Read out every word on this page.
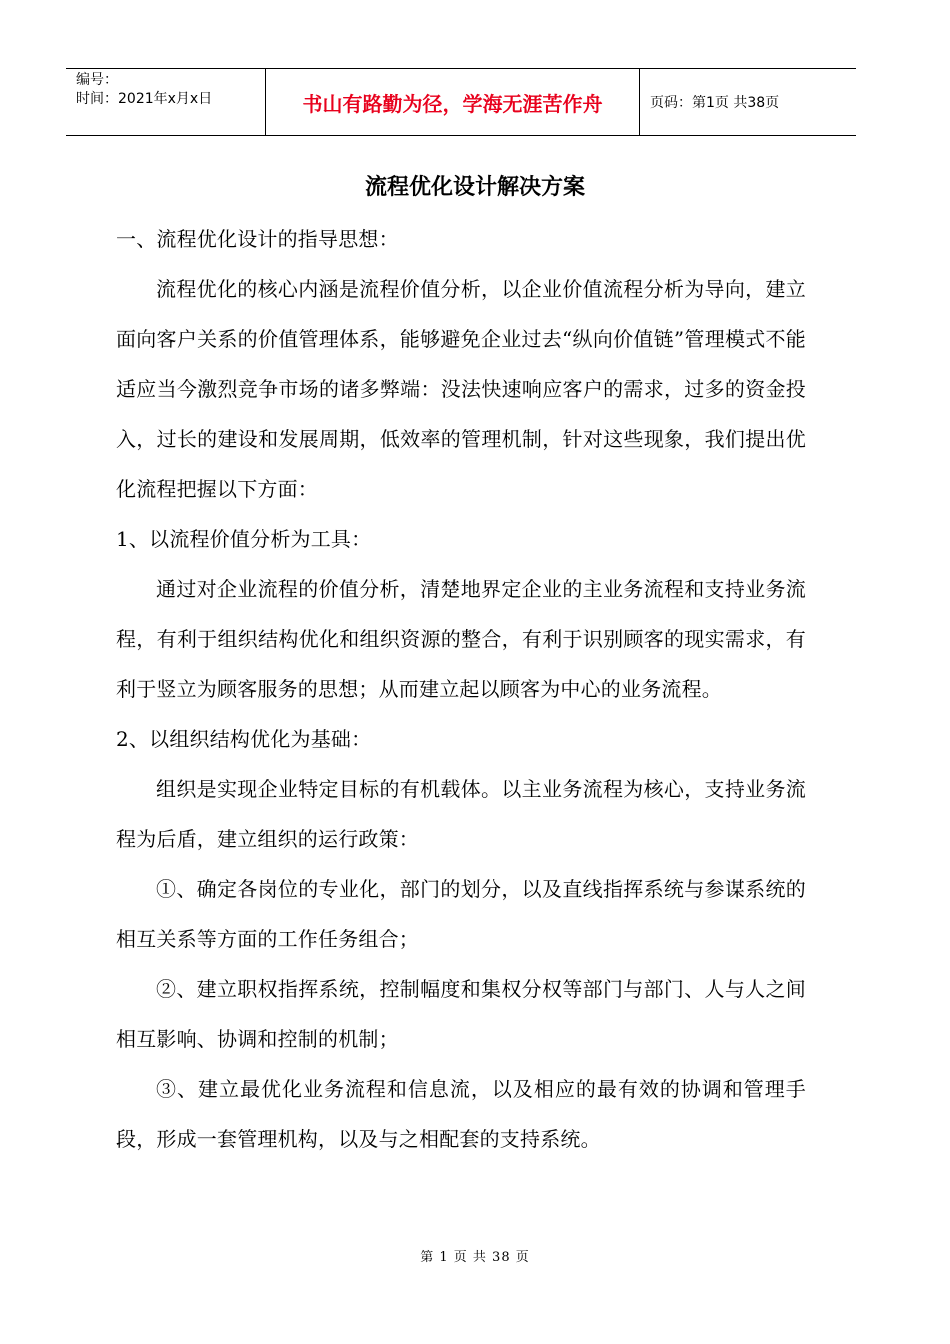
编号：
时间：2021年x月x日	书山有路勤为径，学海无涯苦作舟	页码：第1页 共38页
流程优化设计解决方案

一、流程优化设计的指导思想：

流程优化的核心内涵是流程价值分析，以企业价值流程分析为导向，建立面向客户关系的价值管理体系，能够避免企业过去“纵向价值链”管理模式不能适应当今激烈竞争市场的诸多弊端：没法快速响应客户的需求，过多的资金投入，过长的建设和发展周期，低效率的管理机制，针对这些现象，我们提出优化流程把握以下方面：

1、以流程价值分析为工具：

通过对企业流程的价值分析，清楚地界定企业的主业务流程和支持业务流程，有利于组织结构优化和组织资源的整合，有利于识别顾客的现实需求，有利于竖立为顾客服务的思想；从而建立起以顾客为中心的业务流程。

2、以组织结构优化为基础：

组织是实现企业特定目标的有机载体。以主业务流程为核心，支持业务流程为后盾，建立组织的运行政策：

①、确定各岗位的专业化，部门的划分，以及直线指挥系统与参谋系统的相互关系等方面的工作任务组合；

②、建立职权指挥系统，控制幅度和集权分权等部门与部门、人与人之间相互影响、协调和控制的机制；

③、建立最优化业务流程和信息流，以及相应的最有效的协调和管理手段，形成一套管理机构，以及与之相配套的支持系统。

第 1 页 共 38 页
